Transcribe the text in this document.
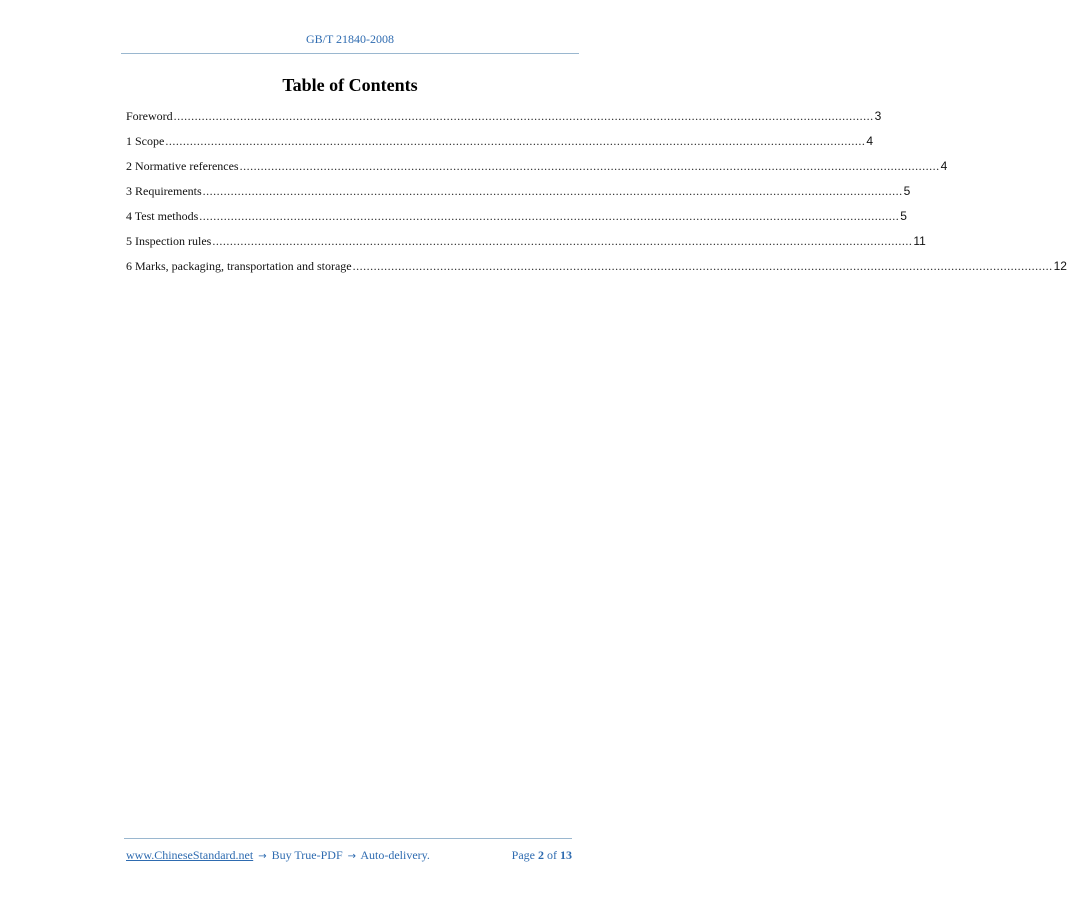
GB/T 21840-2008
Table of Contents
Foreword ........................................................................................................................................................................................................ 3
1 Scope ........................................................................................................................................................................................................ 4
2 Normative references ........................................................................................................................................................................................................ 4
3 Requirements ........................................................................................................................................................................................................ 5
4 Test methods ........................................................................................................................................................................................................ 5
5 Inspection rules ........................................................................................................................................................................................................ 11
6 Marks, packaging, transportation and storage ........................................................................................................................................................................................................ 12
www.ChineseStandard.net → Buy True-PDF → Auto-delivery.	Page 2 of 13
